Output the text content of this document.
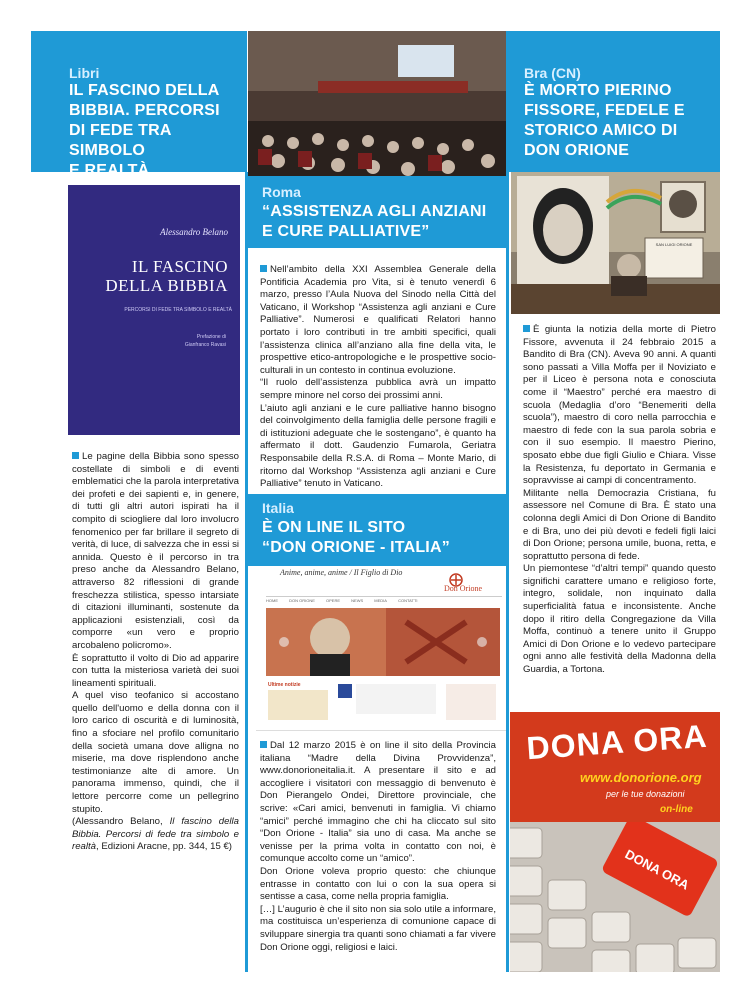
Libri
IL FASCINO DELLA
BIBBIA. PERCORSI
DI FEDE TRA SIMBOLO
E REALTÀ
Alessandro Belano
IL FASCINO
DELLA BIBBIA
PERCORSI DI FEDE TRA SIMBOLO E REALTÀ
Prefazione di
Gianfranco Ravasi

Le pagine della Bibbia sono spesso costellate di simboli e di eventi emblematici che la parola interpretativa dei profeti e dei sapienti e, in genere, di tutti gli altri autori ispirati ha il compito di sciogliere dal loro involucro fenomenico per far brillare il segreto di verità, di luce, di salvezza che in essi si annida. Questo è il percorso in tra preso anche da Alessandro Belano, attraverso 82 riflessioni di grande freschezza stilistica, spesso intarsiate di citazioni illuminanti, sostenute da applicazioni esistenziali, così da comporre «un vero e proprio arcobaleno policromo».

È soprattutto il volto di Dio ad apparire con tutta la misteriosa varietà dei suoi lineamenti spirituali.

A quel viso teofanico si accostano quello dell'uomo e della donna con il loro carico di oscurità e di luminosità, fino a sfociare nel profilo comunitario della società umana dove alligna no miserie, ma dove risplendono anche testimonianze alte di amore. Un panorama immenso, quindi, che il lettore percorre come un pellegrino stupito.

(Alessandro Belano, Il fascino della Bibbia. Percorsi di fede tra simbolo e realtà, Edizioni Aracne, pp. 344, 15 €)

Roma
“ASSISTENZA AGLI ANZIANI
E CURE PALLIATIVE”

Nell’ambito della XXI Assemblea Generale della Pontificia Academia pro Vita, si è tenuto venerdì 6 marzo, presso l’Aula Nuova del Sinodo nella Città del Vaticano, il Workshop “Assistenza agli anziani e Cure Palliative”. Numerosi e qualificati Relatori hanno portato i loro contributi in tre ambiti specifici, quali l’assistenza clinica all’anziano alla fine della vita, le prospettive etico-antropologiche e le prospettive socio-culturali in un contesto in continua evoluzione.

“Il ruolo dell’assistenza pubblica avrà un impatto sempre minore nel corso dei prossimi anni.

L’aiuto agli anziani e le cure palliative hanno bisogno del coinvolgimento della famiglia delle persone fragili e di istituzioni adeguate che le sostengano”, è quanto ha affermato il dott. Gaudenzio Fumarola, Geriatra Responsabile della R.S.A. di Roma – Monte Mario, di ritorno dal Workshop “Assistenza agli anziani e Cure Palliative” tenuto in Vaticano.

Italia
È ON LINE IL SITO
“DON ORIONE - ITALIA”
Anime, anime, anime / Il Figlio di Dio
Don Orione
HOME	DON ORIONE	OPERE	NEWS	MEDIA	CONTATTI
Ultime notizie

Dal 12 marzo 2015 è on line il sito della Provincia italiana “Madre della Divina Provvidenza”, www.donorioneitalia.it. A presentare il sito e ad accogliere i visitatori con messaggio di benvenuto è Don Pierangelo Ondei, Direttore provinciale, che scrive: «Cari amici, benvenuti in famiglia. Vi chiamo “amici” perché immagino che chi ha cliccato sul sito “Don Orione - Italia” sia uno di casa. Ma anche se venisse per la prima volta in contatto con noi, è comunque accolto come un “amico”.

Don Orione voleva proprio questo: che chiunque entrasse in contatto con lui o con la sua opera si sentisse a casa, come nella propria famiglia.

[…] L’augurio è che il sito non sia solo utile a informare, ma costituisca un’esperienza di comunione capace di sviluppare sinergia tra quanti sono chiamati a far vivere Don Orione oggi, religiosi e laici.

Bra (CN)
È MORTO PIERINO
FISSORE, FEDELE E
STORICO AMICO DI
DON ORIONE
SAN LUIGI ORIONE

È giunta la notizia della morte di Pietro Fissore, avvenuta il 24 febbraio 2015 a Bandito di Bra (CN). Aveva 90 anni. A quanti sono passati a Villa Moffa per il Noviziato e per il Liceo è persona nota e conosciuta come il “Maestro” perché era maestro di scuola (Medaglia d’oro “Benemeriti della scuola”), maestro di coro nella parrocchia e maestro di fede con la sua parola sobria e con il suo esempio. Il maestro Pierino, sposato ebbe due figli Giulio e Chiara. Visse la Resistenza, fu deportato in Germania e sopravvisse ai campi di concentramento.

Militante nella Democrazia Cristiana, fu assessore nel Comune di Bra. È stato una colonna degli Amici di Don Orione di Bandito e di Bra, uno dei più devoti e fedeli figli laici di Don Orione; persona umile, buona, retta, e soprattutto persona di fede.

Un piemontese “d’altri tempi” quando questo significhi carattere umano e religioso forte, integro, solidale, non inquinato dalla superficialità fatua e inconsistente. Anche dopo il ritiro della Congregazione da Villa Moffa, continuò a tenere unito il Gruppo Amici di Don Orione e lo vedevo partecipare ogni anno alle festività della Madonna della Guardia, a Tortona.

DONA ORA
www.donorione.org
per le tue donazioni
on-line
DONA ORA
